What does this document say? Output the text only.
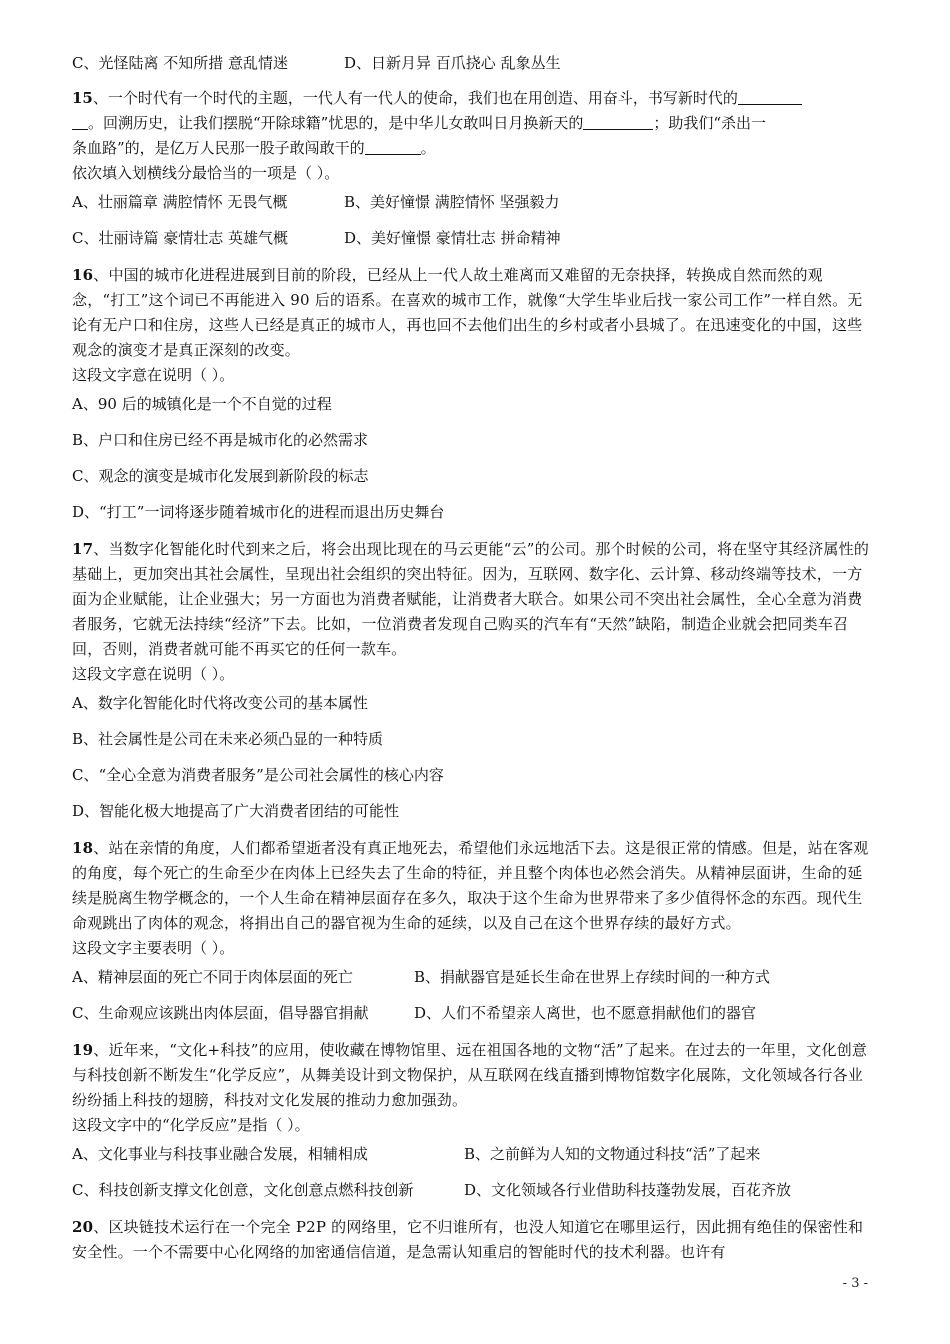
C、光怪陆离 不知所措 意乱情迷	D、日新月异 百爪挠心 乱象丛生
15、一个时代有一个时代的主题，一代人有一代人的使命，我们也在用创造、用奋斗，书写新时代的
。回溯历史，让我们摆脱“开除球籍”忧思的，是中华儿女敢叫日月换新天的	；助我们“杀出一
条血路”的，是亿万人民那一股子敢闯敢干的	。
依次填入划横线分最恰当的一项是（ ）。
A、壮丽篇章 满腔情怀 无畏气概	B、美好憧憬 满腔情怀 坚强毅力
C、壮丽诗篇 豪情壮志 英雄气概	D、美好憧憬 豪情壮志 拼命精神
16、中国的城市化进程进展到目前的阶段，已经从上一代人故土难离而又难留的无奈抉择，转换成自然而然的观念，“打工”这个词已不再能进入 90 后的语系。在喜欢的城市工作，就像“大学生毕业后找一家公司工作”一样自然。无论有无户口和住房，这些人已经是真正的城市人，再也回不去他们出生的乡村或者小县城了。在迅速变化的中国，这些观念的演变才是真正深刻的改变。
这段文字意在说明（ ）。
A、90 后的城镇化是一个不自觉的过程
B、户口和住房已经不再是城市化的必然需求
C、观念的演变是城市化发展到新阶段的标志
D、“打工”一词将逐步随着城市化的进程而退出历史舞台
17、当数字化智能化时代到来之后，将会出现比现在的马云更能“云”的公司。那个时候的公司，将在坚守其经济属性的基础上，更加突出其社会属性，呈现出社会组织的突出特征。因为，互联网、数字化、云计算、移动终端等技术，一方面为企业赋能，让企业强大；另一方面也为消费者赋能，让消费者大联合。如果公司不突出社会属性，全心全意为消费者服务，它就无法持续“经济”下去。比如，一位消费者发现自己购买的汽车有“天然”缺陷，制造企业就会把同类车召回，否则，消费者就可能不再买它的任何一款车。
这段文字意在说明（ ）。
A、数字化智能化时代将改变公司的基本属性
B、社会属性是公司在未来必须凸显的一种特质
C、“全心全意为消费者服务”是公司社会属性的核心内容
D、智能化极大地提高了广大消费者团结的可能性
18、站在亲情的角度，人们都希望逝者没有真正地死去，希望他们永远地活下去。这是很正常的情感。但是，站在客观的角度，每个死亡的生命至少在肉体上已经失去了生命的特征，并且整个肉体也必然会消失。从精神层面讲，生命的延续是脱离生物学概念的，一个人生命在精神层面存在多久，取决于这个生命为世界带来了多少值得怀念的东西。现代生命观跳出了肉体的观念，将捐出自己的器官视为生命的延续，以及自己在这个世界存续的最好方式。
这段文字主要表明（ ）。
A、精神层面的死亡不同于肉体层面的死亡	B、捐献器官是延长生命在世界上存续时间的一种方式
C、生命观应该跳出肉体层面，倡导器官捐献	D、人们不希望亲人离世，也不愿意捐献他们的器官
19、近年来，“文化+科技”的应用，使收藏在博物馆里、远在祖国各地的文物“活”了起来。在过去的一年里，文化创意与科技创新不断发生“化学反应”，从舞美设计到文物保护，从互联网在线直播到博物馆数字化展陈，文化领域各行各业纷纷插上科技的翅膀，科技对文化发展的推动力愈加强劲。
这段文字中的“化学反应”是指（ ）。
A、文化事业与科技事业融合发展，相辅相成	B、之前鲜为人知的文物通过科技“活”了起来
C、科技创新支撑文化创意，文化创意点燃科技创新	D、文化领域各行业借助科技蓬勃发展，百花齐放
20、区块链技术运行在一个完全 P2P 的网络里，它不归谁所有，也没人知道它在哪里运行，因此拥有绝佳的保密性和安全性。一个不需要中心化网络的加密通信信道，是急需认知重启的智能时代的技术利器。也许有
- 3 -
